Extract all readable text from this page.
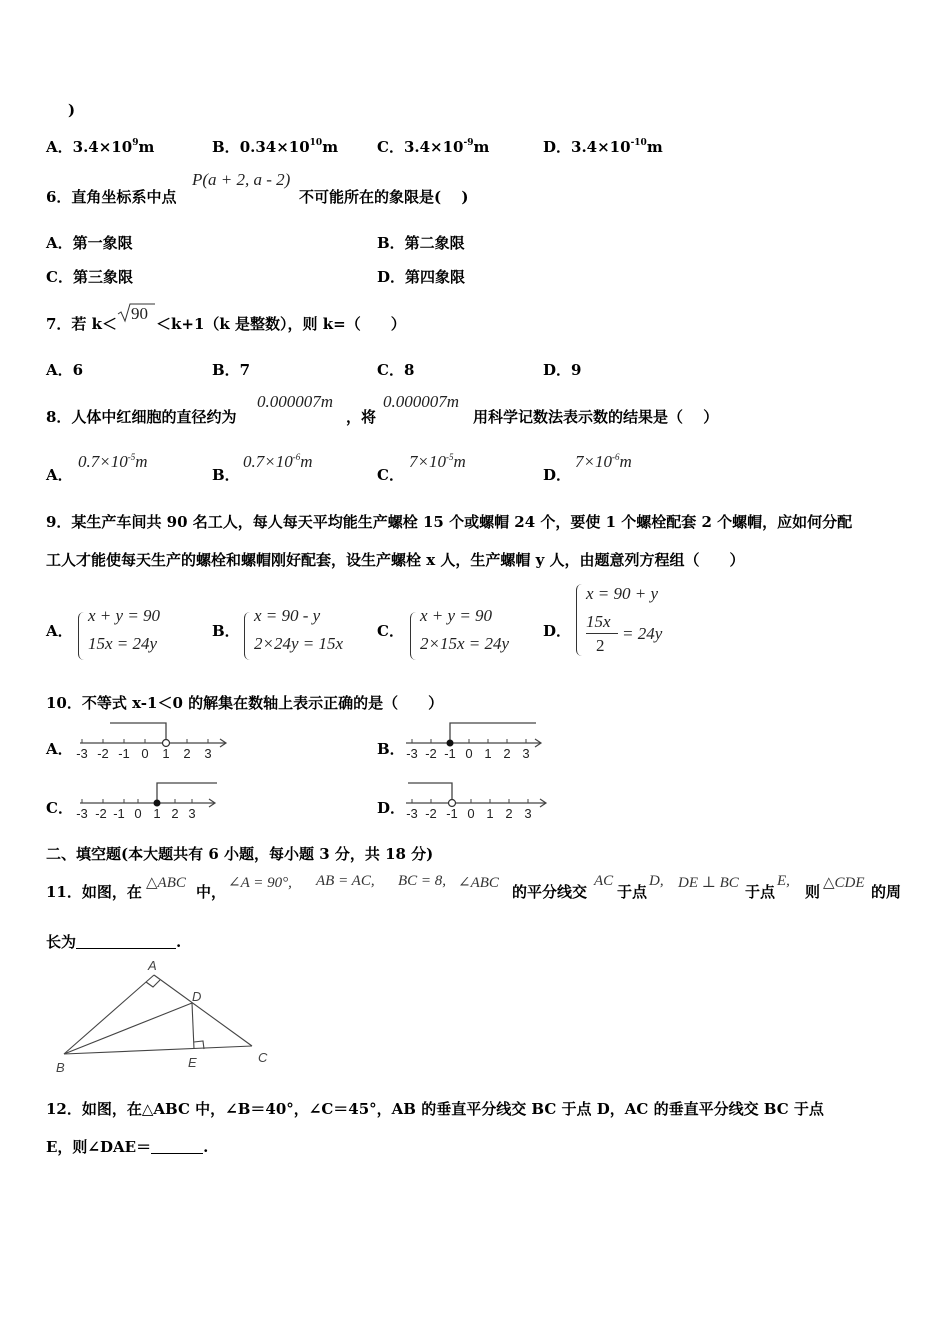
)
A．$3.4\times 10^9m$	B．$0.34\times 10^{10}m$	C．$3.4\times 10^{-9}m$	D．$3.4\times 10^{-10}m$
6．直角坐标系中点
P(a + 2, a - 2)
不可能所在的象限是(　 )
A．第一象限	B．第二象限
C．第三象限	D．第四象限
7．若 k＜
90
＜k+1（k 是整数），则 k=（　　）
A．6	B．7	C．8	D．9
8．人体中红细胞的直径约为
0.000007m
，将
0.000007m
用科学记数法表示数的结果是（　 ）
A．
$0.7\times 10^{-5}m$
B．
$0.7\times 10^{-6}m$
C．
$7\times 10^{-5}m$
D．
$7\times 10^{-6}m$
9．某生产车间共 90 名工人，每人每天平均能生产螺栓 15 个或螺帽 24 个，要使 1 个螺栓配套 2 个螺帽，应如何分配
工人才能使每天生产的螺栓和螺帽刚好配套，设生产螺栓 x 人，生产螺帽 y 人，由题意列方程组（　　）
A．
x + y = 90
15x = 24y
B．
x = 90 - y
2×24y = 15x
C．
x + y = 90
2×15x = 24y
D．
x = 90 + y
15x
2
= 24y
10．不等式 x-1＜0 的解集在数轴上表示正确的是（　　）
A． -3 -2 -1 0 1 2 3	B． -3 -2 -1 0 1 2 3
C． -3 -2 -1 0 1 2 3	D． -3 -2 -1 0 1 2 3
二、填空题(本大题共有 6 小题，每小题 3 分，共 18 分)
11．如图，在 △ABC 中， ∠A = 90°, AB = AC, BC = 8, ∠ABC 的平分线交
AC
于点
D, DE ⊥ BC 于点
E,
则 △CDE 的周
长为	.
A
D
B	E	C
12．如图，在△ABC 中，∠B＝40°，∠C＝45°，AB 的垂直平分线交 BC 于点 D，AC 的垂直平分线交 BC 于点
E，则∠DAE＝	.
